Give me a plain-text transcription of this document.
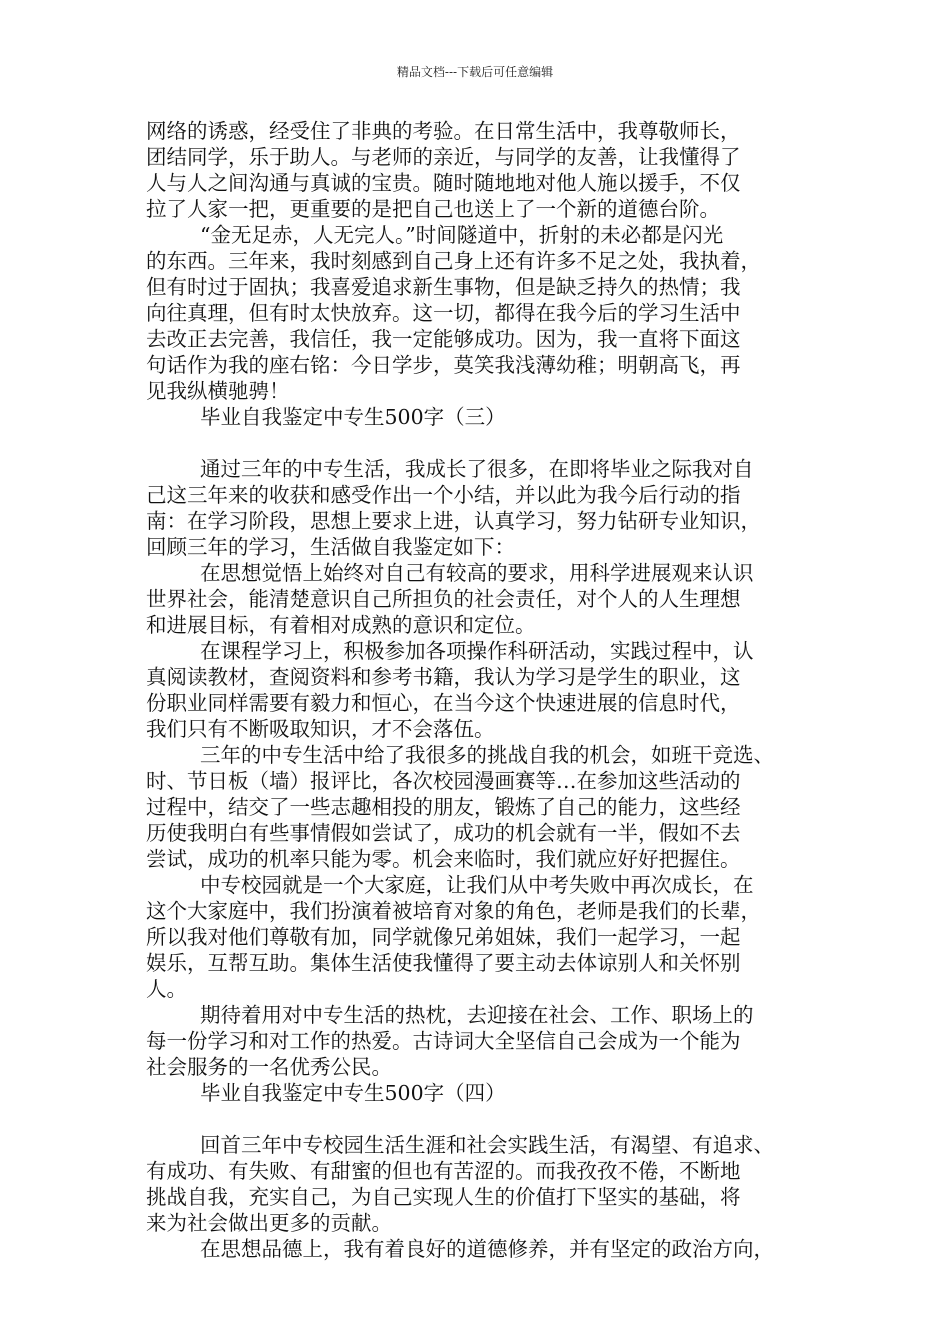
精品文档---下载后可任意编辑
网络的诱惑，经受住了非典的考验。在日常生活中，我尊敬师长，
团结同学，乐于助人。与老师的亲近，与同学的友善，让我懂得了
人与人之间沟通与真诚的宝贵。随时随地地对他人施以援手，不仅
拉了人家一把，更重要的是把自己也送上了一个新的道德台阶。
“金无足赤，人无完人。”时间隧道中，折射的未必都是闪光
的东西。三年来，我时刻感到自己身上还有许多不足之处，我执着，
但有时过于固执；我喜爱追求新生事物，但是缺乏持久的热情；我
向往真理，但有时太快放弃。这一切，都得在我今后的学习生活中
去改正去完善，我信任，我一定能够成功。因为，我一直将下面这
句话作为我的座右铭：今日学步，莫笑我浅薄幼稚；明朝高飞，再
见我纵横驰骋！
毕业自我鉴定中专生500字（三）
通过三年的中专生活，我成长了很多，在即将毕业之际我对自
己这三年来的收获和感受作出一个小结，并以此为我今后行动的指
南：在学习阶段，思想上要求上进，认真学习，努力钻研专业知识，
回顾三年的学习，生活做自我鉴定如下：
在思想觉悟上始终对自己有较高的要求，用科学进展观来认识
世界社会，能清楚意识自己所担负的社会责任，对个人的人生理想
和进展目标，有着相对成熟的意识和定位。
在课程学习上，积极参加各项操作科研活动，实践过程中，认
真阅读教材，查阅资料和参考书籍，我认为学习是学生的职业，这
份职业同样需要有毅力和恒心，在当今这个快速进展的信息时代，
我们只有不断吸取知识，才不会落伍。
三年的中专生活中给了我很多的挑战自我的机会，如班干竞选、
时、节日板（墙）报评比，各次校园漫画赛等…在参加这些活动的
过程中，结交了一些志趣相投的朋友，锻炼了自己的能力，这些经
历使我明白有些事情假如尝试了，成功的机会就有一半，假如不去
尝试，成功的机率只能为零。机会来临时，我们就应好好把握住。
中专校园就是一个大家庭，让我们从中考失败中再次成长，在
这个大家庭中，我们扮演着被培育对象的角色，老师是我们的长辈，
所以我对他们尊敬有加，同学就像兄弟姐妹，我们一起学习，一起
娱乐，互帮互助。集体生活使我懂得了要主动去体谅别人和关怀别
人。
期待着用对中专生活的热枕，去迎接在社会、工作、职场上的
每一份学习和对工作的热爱。古诗词大全坚信自己会成为一个能为
社会服务的一名优秀公民。
毕业自我鉴定中专生500字（四）
回首三年中专校园生活生涯和社会实践生活，有渴望、有追求、
有成功、有失败、有甜蜜的但也有苦涩的。而我孜孜不倦，不断地
挑战自我，充实自己，为自己实现人生的价值打下坚实的基础，将
来为社会做出更多的贡献。
在思想品德上，我有着良好的道德修养，并有坚定的政治方向，
